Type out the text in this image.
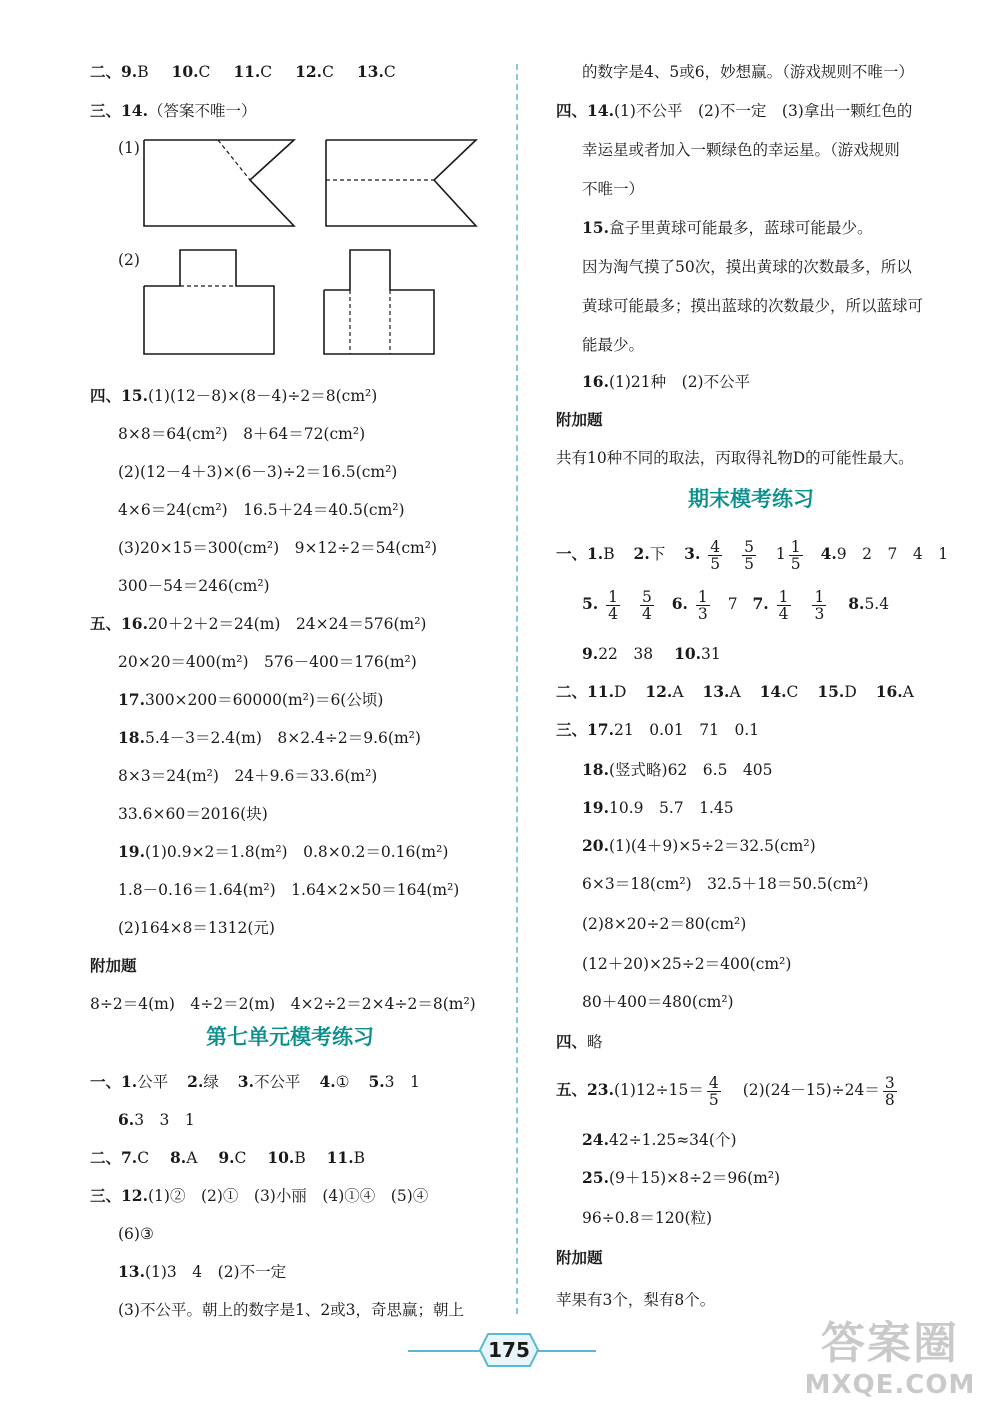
二、9.B 10.C 11.C 12.C 13.C
三、14.（答案不唯一）
(1)
(2)
四、15.(1)(12－8)×(8－4)÷2＝8(cm²)
8×8＝64(cm²)　8＋64＝72(cm²)
(2)(12－4＋3)×(6－3)÷2＝16.5(cm²)
4×6＝24(cm²)　16.5＋24＝40.5(cm²)
(3)20×15＝300(cm²)　9×12÷2＝54(cm²)
300－54＝246(cm²)
五、16.20＋2＋2＝24(m)　24×24＝576(m²)
20×20＝400(m²)　576－400＝176(m²)
17.300×200＝60000(m²)＝6(公顷)
18.5.4－3＝2.4(m)　8×2.4÷2＝9.6(m²)
8×3＝24(m²)　24＋9.6＝33.6(m²)
33.6×60＝2016(块)
19.(1)0.9×2＝1.8(m²)　0.8×0.2＝0.16(m²)
1.8－0.16＝1.64(m²)　1.64×2×50＝164(m²)
(2)164×8＝1312(元)
附加题
8÷2＝4(m)　4÷2＝2(m)　4×2÷2＝2×4÷2＝8(m²)
第七单元模考练习
一、1.公平 2.绿 3.不公平 4.① 5.3　1
6.3　3　1
二、7.C 8.A 9.C 10.B 11.B
三、12.(1)②　(2)①　(3)小丽　(4)①④　(5)④
(6)③
13.(1)3　4　(2)不一定
(3)不公平。朝上的数字是1、2或3，奇思赢；朝上
的数字是4、5或6，妙想赢。（游戏规则不唯一）
四、14.(1)不公平　(2)不一定　(3)拿出一颗红色的
幸运星或者加入一颗绿色的幸运星。（游戏规则
不唯一）
15.盒子里黄球可能最多，蓝球可能最少。
因为淘气摸了50次，摸出黄球的次数最多，所以
黄球可能最多；摸出蓝球的次数最少，所以蓝球可
能最少。
16.(1)21种　(2)不公平
附加题
共有10种不同的取法，丙取得礼物D的可能性最大。
期末模考练习
一、1.B 2.下 3. $\frac{4}{5}$
$\frac{5}{5} 1 \frac{1}{5} 4.9$　2　7　4　1
5. $\frac{1}{4}$
$\frac{5}{4} 6$. $\frac{1}{3} 7$ 7. $\frac{1}{4}$
$\frac{1}{3} 8.5.4$
9.22　38 10.31
二、11.D 12.A 13.A 14.C 15.D 16.A
三、17.21　0.01　71　0.1
18.(竖式略)62　6.5　405
19.10.9　5.7　1.45
20.(1)(4＋9)×5÷2＝32.5(cm²)
6×3＝18(cm²)　32.5＋18＝50.5(cm²)
(2)8×20÷2＝80(cm²)
(12＋20)×25÷2＝400(cm²)
80＋400＝480(cm²)
四、略
五、$23.(1)12\div 15= \frac{4}{5} (2)(24-15)\div 24= \frac{3}{8}$
24.42÷1.25≈34(个)
25.(9＋15)×8÷2＝96(m²)
96÷0.8＝120(粒)
附加题
苹果有3个，梨有8个。
175	答案圈
MXQE.COM
